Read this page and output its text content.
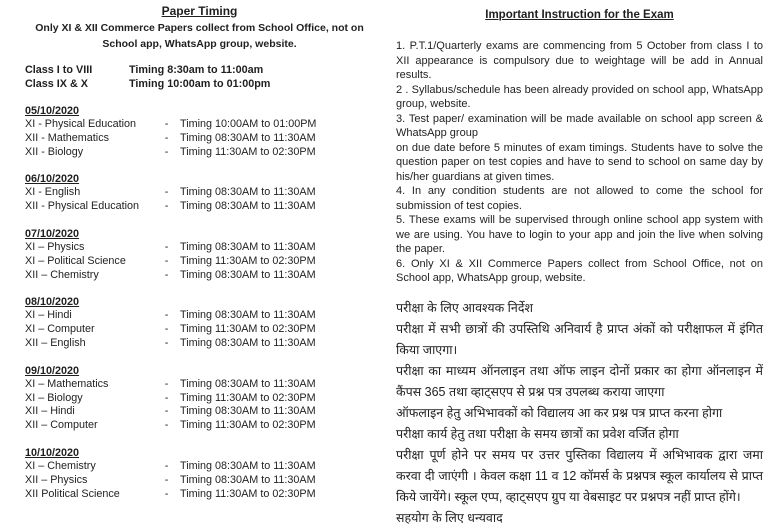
Paper Timing
Only XI & XII Commerce Papers collect from School Office, not on School app, WhatsApp group, website.
Class I to VIII	Timing 8:30am to 11:00am
Class IX & X	Timing 10:00am to 01:00pm
05/10/2020
XI - Physical Education	-	Timing 10:00AM to 01:00PM
XII - Mathematics	-	Timing 08:30AM to 11:30AM
XII - Biology	-	Timing 11:30AM to 02:30PM
06/10/2020
XI - English	-	Timing 08:30AM to 11:30AM
XII - Physical Education	-	Timing 08:30AM to 11:30AM
07/10/2020
XI – Physics	-	Timing 08:30AM to 11:30AM
XI – Political Science	-	Timing 11:30AM to 02:30PM
XII – Chemistry	-	Timing 08:30AM to 11:30AM
08/10/2020
XI – Hindi	-	Timing 08:30AM to 11:30AM
XI – Computer	-	Timing 11:30AM to 02:30PM
XII – English	-	Timing 08:30AM to 11:30AM
09/10/2020
XI – Mathematics	-	Timing 08:30AM to 11:30AM
XI – Biology	-	Timing 11:30AM to 02:30PM
XII – Hindi	-	Timing 08:30AM to 11:30AM
XII – Computer	-	Timing 11:30AM to 02:30PM
10/10/2020
XI – Chemistry	-	Timing 08:30AM to 11:30AM
XII – Physics	-	Timing 08:30AM to 11:30AM
XII Political Science	-	Timing 11:30AM to 02:30PM
Important Instruction for the Exam

1. P.T.1/Quarterly exams are commencing from 5 October from class I to XII appearance is compulsory due to weightage will be add in Annual results.

2 . Syllabus/schedule has been already provided on school app, WhatsApp group, website.

3. Test paper/ examination will be made available on school app screen & WhatsApp group

on due date before 5 minutes of exam timings. Students have to solve the question paper on test copies and have to send to school on same day by his/her guardians at given times.

4. In any condition students are not allowed to come the school for submission of test copies.

5. These exams will be supervised through online school app system with we are using. You have to login to your app and join the live when solving the paper.

6. Only XI & XII Commerce Papers collect from School Office, not on School app, WhatsApp group, website.

परीक्षा के लिए आवश्यक निर्देश

परीक्षा में सभी छात्रों की उपस्तिथि अनिवार्य है प्राप्त अंकों को परीक्षाफल में इंगित किया जाएगा।

परीक्षा का माध्यम ऑनलाइन तथा ऑफ लाइन दोनों प्रकार का होगा ऑनलाइन में कैंपस 365 तथा व्हाट्सएप से प्रश्न पत्र उपलब्ध कराया जाएगा

ऑफलाइन हेतु अभिभावकों को विद्यालय आ कर प्रश्न पत्र प्राप्त करना होगा

परीक्षा कार्य हेतु तथा परीक्षा के समय छात्रों का प्रवेश वर्जित होगा

परीक्षा पूर्ण होने पर समय पर उत्तर पुस्तिका विद्यालय में अभिभावक द्वारा जमा करवा दी जाएंगी । केवल कक्षा 11 व 12 कॉमर्स के प्रश्नपत्र स्कूल कार्यालय से प्राप्त किये जायेंगे। स्कूल एप्प, व्हाट्सएप ग्रुप या वेबसाइट पर प्रश्नपत्र नहीं प्राप्त होंगे।

सहयोग के लिए धन्यवाद
